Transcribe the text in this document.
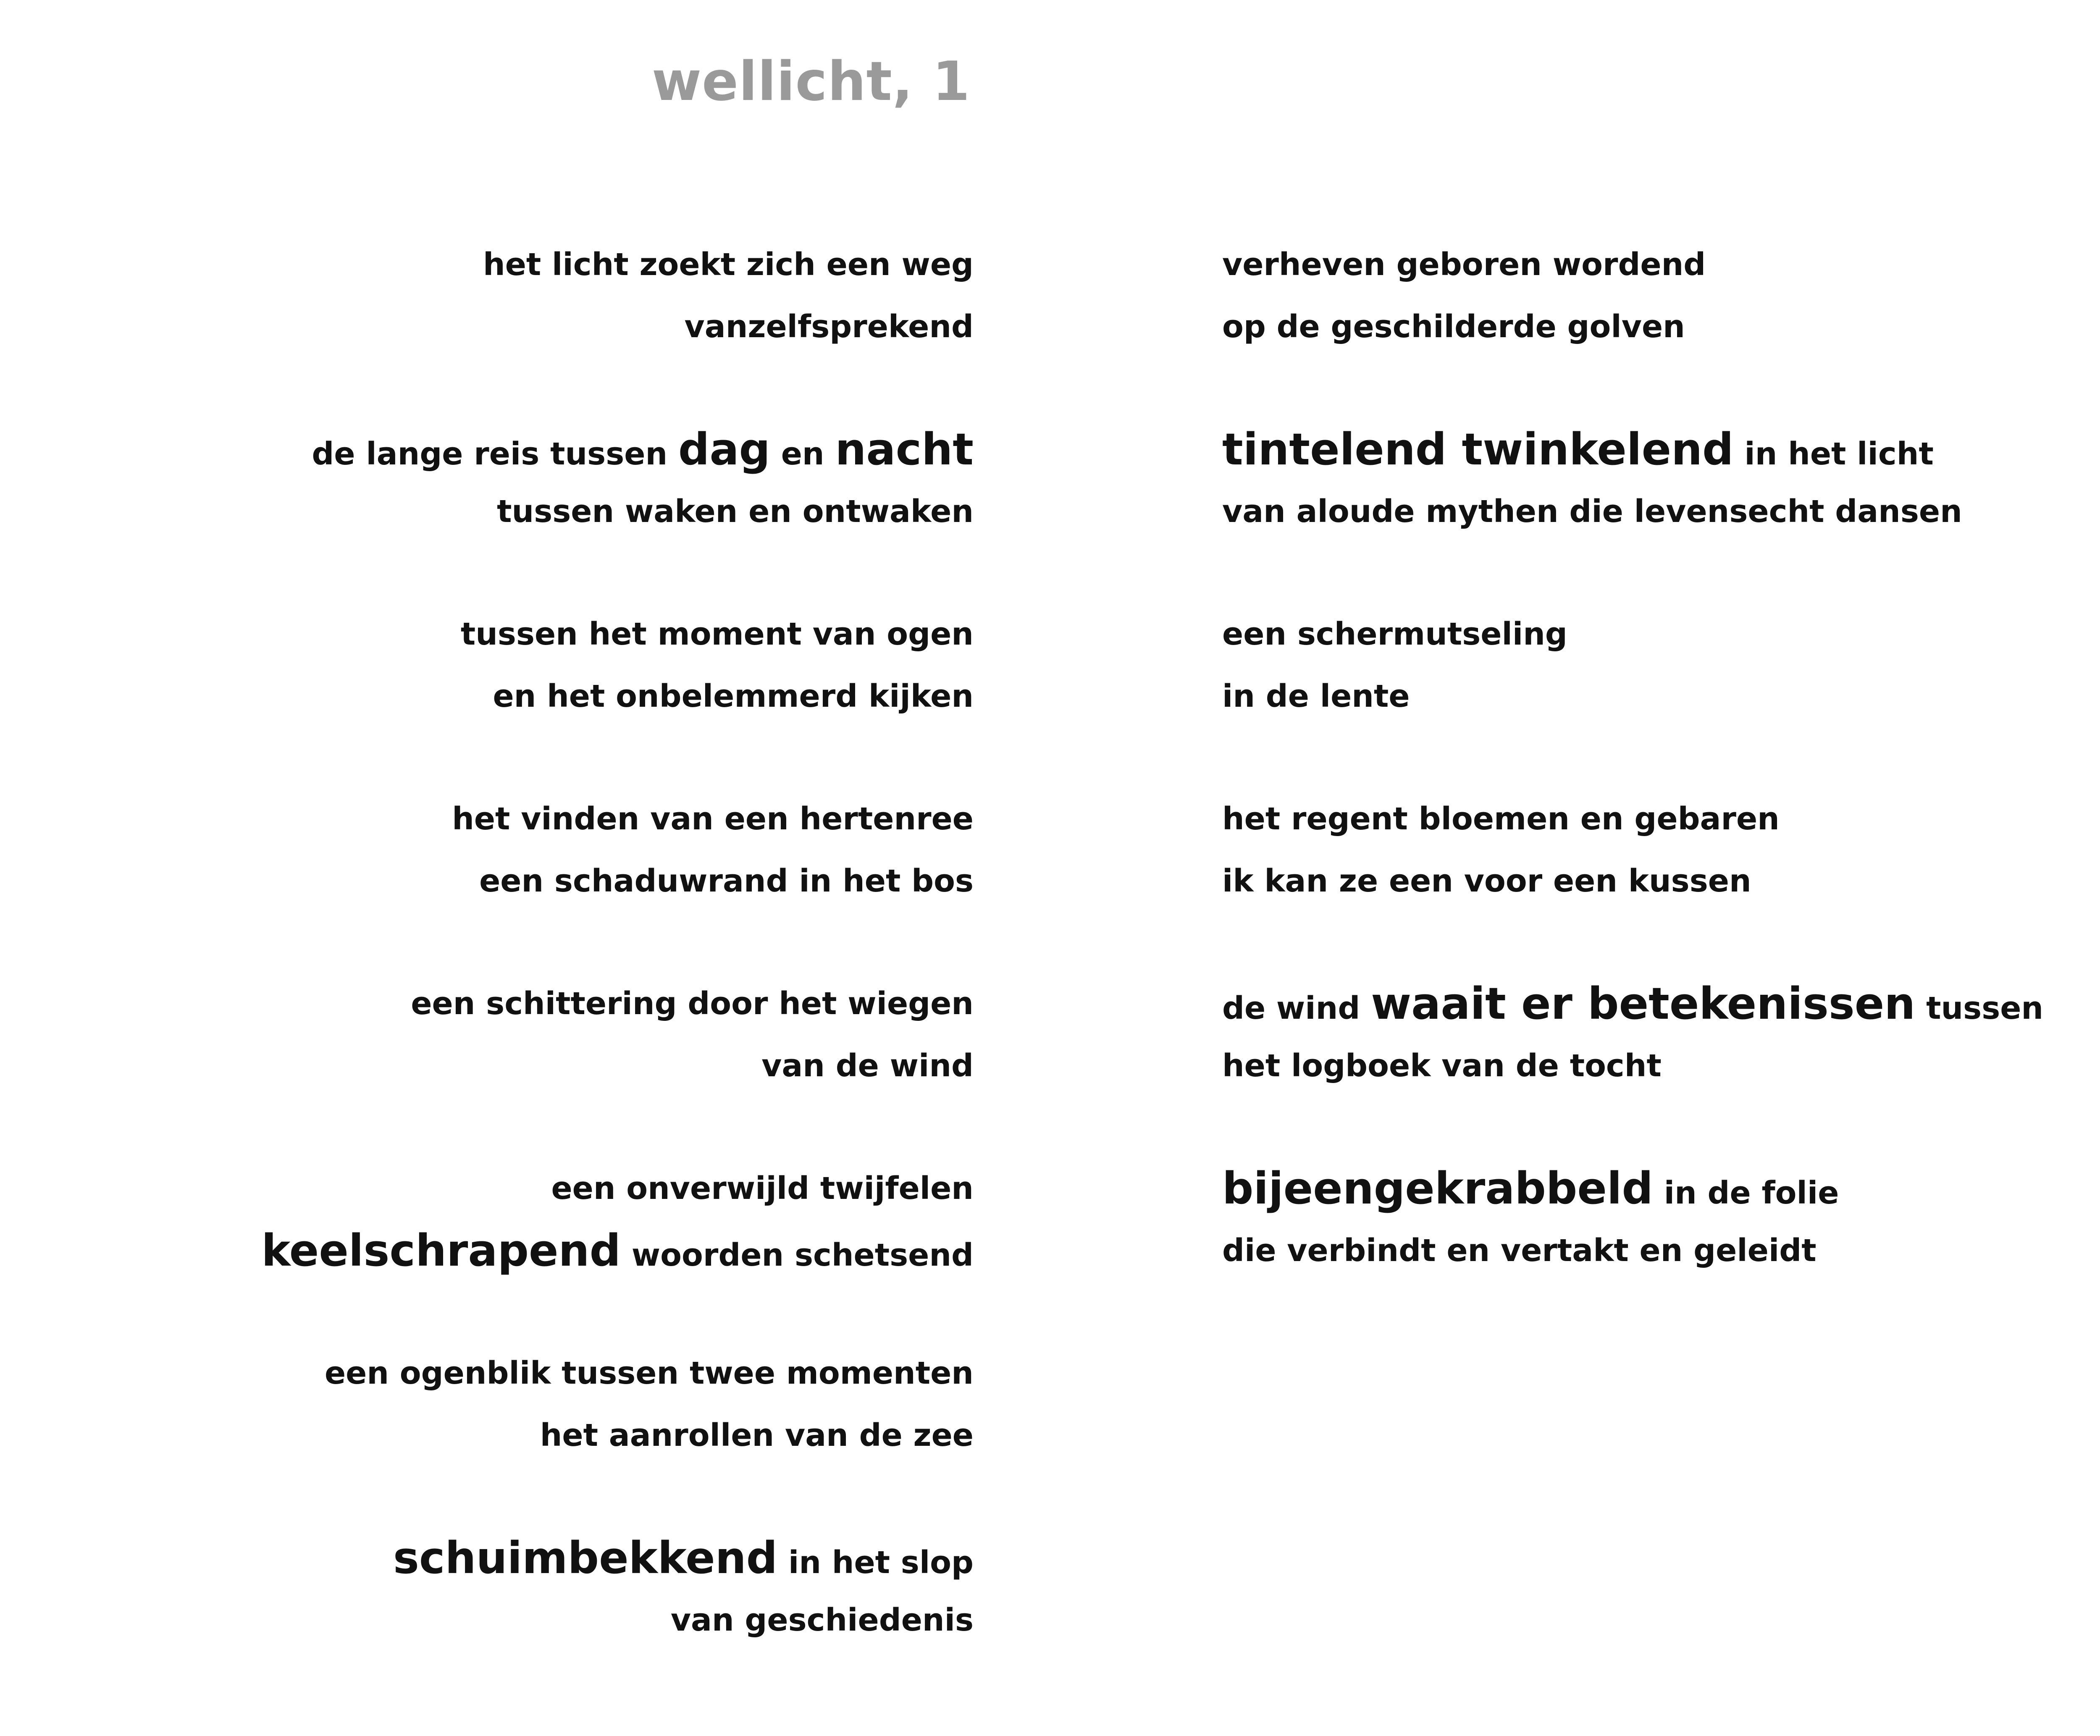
wellicht, 1
het licht zoekt zich een weg
vanzelfsprekend
de lange reis tussen dag en nacht
tussen waken en ontwaken
tussen het moment van ogen
en het onbelemmerd kijken
het vinden van een hertenree
een schaduwrand in het bos
een schittering door het wiegen
van de wind
een onverwijld twijfelen
keelschrapend woorden schetsend
een ogenblik tussen twee momenten
het aanrollen van de zee
schuimbekkend in het slop
van geschiedenis
verheven geboren wordend
op de geschilderde golven
tintelend twinkelend in het licht
van aloude mythen die levensecht dansen
een schermutseling
in de lente
het regent bloemen en gebaren
ik kan ze een voor een kussen
de wind waait er betekenissen tussen
het logboek van de tocht
bijeengekrabbeld in de folie
die verbindt en vertakt en geleidt
